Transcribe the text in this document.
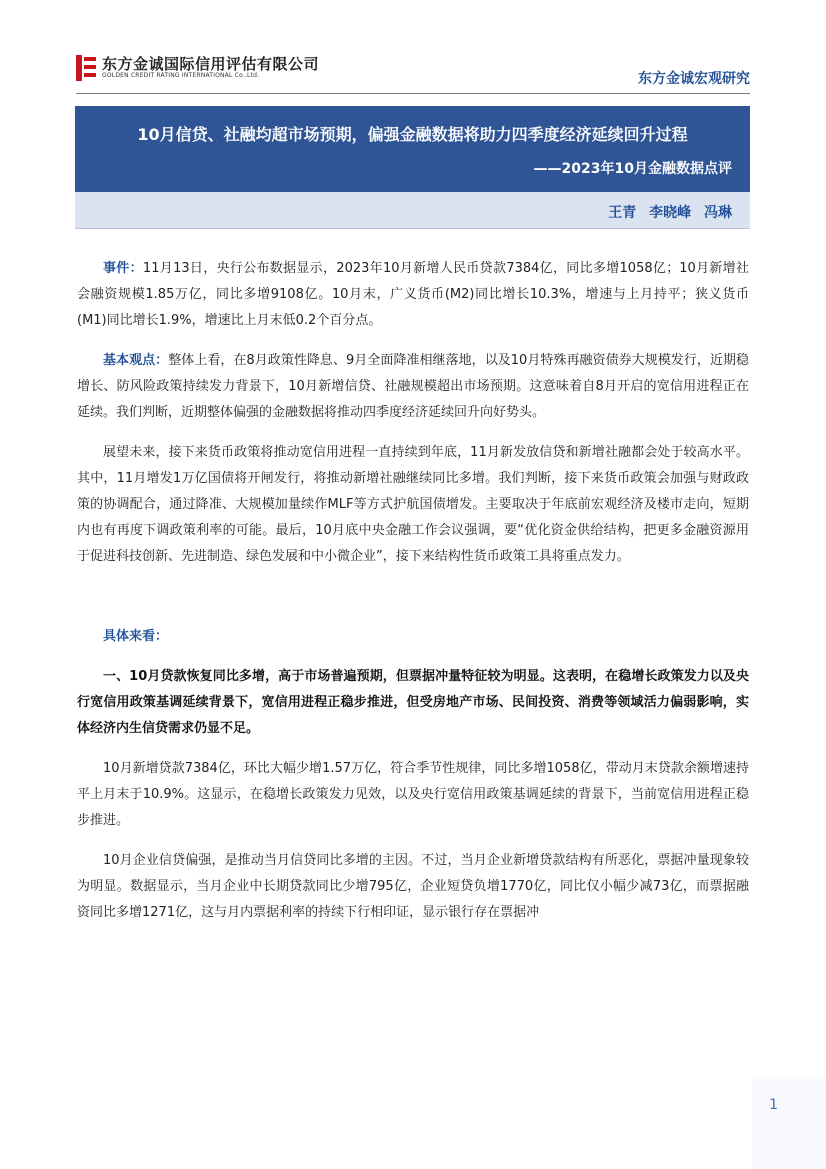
东方金诚国际信用评估有限公司
GOLDEN CREDIT RATING INTERNATIONAL Co.,Ltd.	东方金诚宏观研究
10月信贷、社融均超市场预期，偏强金融数据将助力四季度经济延续回升过程
——2023年10月金融数据点评
王青 李晓峰 冯琳

事件：11月13日，央行公布数据显示，2023年10月新增人民币贷款7384亿，同比多增1058亿；10月新增社会融资规模1.85万亿，同比多增9108亿。10月末，广义货币(M2)同比增长10.3%，增速与上月持平；狭义货币(M1)同比增长1.9%，增速比上月末低0.2个百分点。

基本观点：整体上看，在8月政策性降息、9月全面降准相继落地，以及10月特殊再融资债券大规模发行，近期稳增长、防风险政策持续发力背景下，10月新增信贷、社融规模超出市场预期。这意味着自8月开启的宽信用进程正在延续。我们判断，近期整体偏强的金融数据将推动四季度经济延续回升向好势头。

展望未来，接下来货币政策将推动宽信用进程一直持续到年底，11月新发放信贷和新增社融都会处于较高水平。其中，11月增发1万亿国债将开闸发行，将推动新增社融继续同比多增。我们判断，接下来货币政策会加强与财政政策的协调配合，通过降准、大规模加量续作MLF等方式护航国债增发。主要取决于年底前宏观经济及楼市走向，短期内也有再度下调政策利率的可能。最后，10月底中央金融工作会议强调，要“优化资金供给结构，把更多金融资源用于促进科技创新、先进制造、绿色发展和中小微企业”，接下来结构性货币政策工具将重点发力。

具体来看：

一、10月贷款恢复同比多增，高于市场普遍预期，但票据冲量特征较为明显。这表明，在稳增长政策发力以及央行宽信用政策基调延续背景下，宽信用进程正稳步推进，但受房地产市场、民间投资、消费等领域活力偏弱影响，实体经济内生信贷需求仍显不足。

10月新增贷款7384亿，环比大幅少增1.57万亿，符合季节性规律，同比多增1058亿，带动月末贷款余额增速持平上月末于10.9%。这显示，在稳增长政策发力见效，以及央行宽信用政策基调延续的背景下，当前宽信用进程正稳步推进。

10月企业信贷偏强，是推动当月信贷同比多增的主因。不过，当月企业新增贷款结构有所恶化，票据冲量现象较为明显。数据显示，当月企业中长期贷款同比少增795亿，企业短贷负增1770亿，同比仅小幅少减73亿，而票据融资同比多增1271亿，这与月内票据利率的持续下行相印证，显示银行存在票据冲

1
